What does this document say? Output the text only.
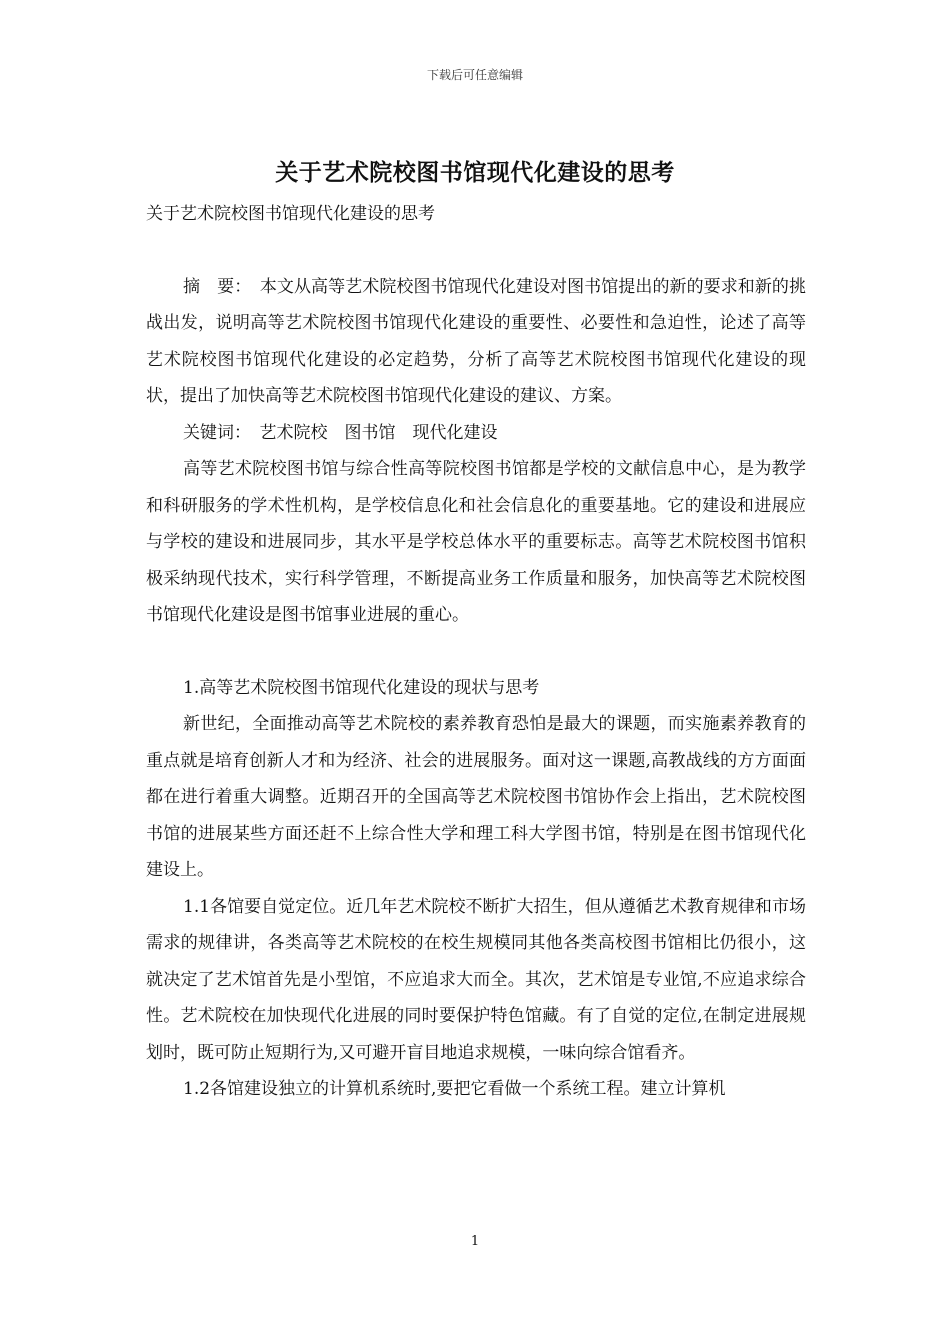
下载后可任意编辑
关于艺术院校图书馆现代化建设的思考

关于艺术院校图书馆现代化建设的思考

摘　要：　本文从高等艺术院校图书馆现代化建设对图书馆提出的新的要求和新的挑战出发，说明高等艺术院校图书馆现代化建设的重要性、必要性和急迫性，论述了高等艺术院校图书馆现代化建设的必定趋势，分析了高等艺术院校图书馆现代化建设的现状，提出了加快高等艺术院校图书馆现代化建设的建议、方案。

关键词：　艺术院校　图书馆　现代化建设

高等艺术院校图书馆与综合性高等院校图书馆都是学校的文献信息中心，是为教学和科研服务的学术性机构，是学校信息化和社会信息化的重要基地。它的建设和进展应与学校的建设和进展同步，其水平是学校总体水平的重要标志。高等艺术院校图书馆积极采纳现代技术，实行科学管理，不断提高业务工作质量和服务，加快高等艺术院校图书馆现代化建设是图书馆事业进展的重心。

1.高等艺术院校图书馆现代化建设的现状与思考

新世纪，全面推动高等艺术院校的素养教育恐怕是最大的课题，而实施素养教育的重点就是培育创新人才和为经济、社会的进展服务。面对这一课题,高教战线的方方面面都在进行着重大调整。近期召开的全国高等艺术院校图书馆协作会上指出，艺术院校图书馆的进展某些方面还赶不上综合性大学和理工科大学图书馆，特别是在图书馆现代化建设上。

1.1各馆要自觉定位。近几年艺术院校不断扩大招生，但从遵循艺术教育规律和市场需求的规律讲，各类高等艺术院校的在校生规模同其他各类高校图书馆相比仍很小，这就决定了艺术馆首先是小型馆，不应追求大而全。其次，艺术馆是专业馆,不应追求综合性。艺术院校在加快现代化进展的同时要保护特色馆藏。有了自觉的定位,在制定进展规划时，既可防止短期行为,又可避开盲目地追求规模，一味向综合馆看齐。

1.2各馆建设独立的计算机系统时,要把它看做一个系统工程。建立计算机

1
